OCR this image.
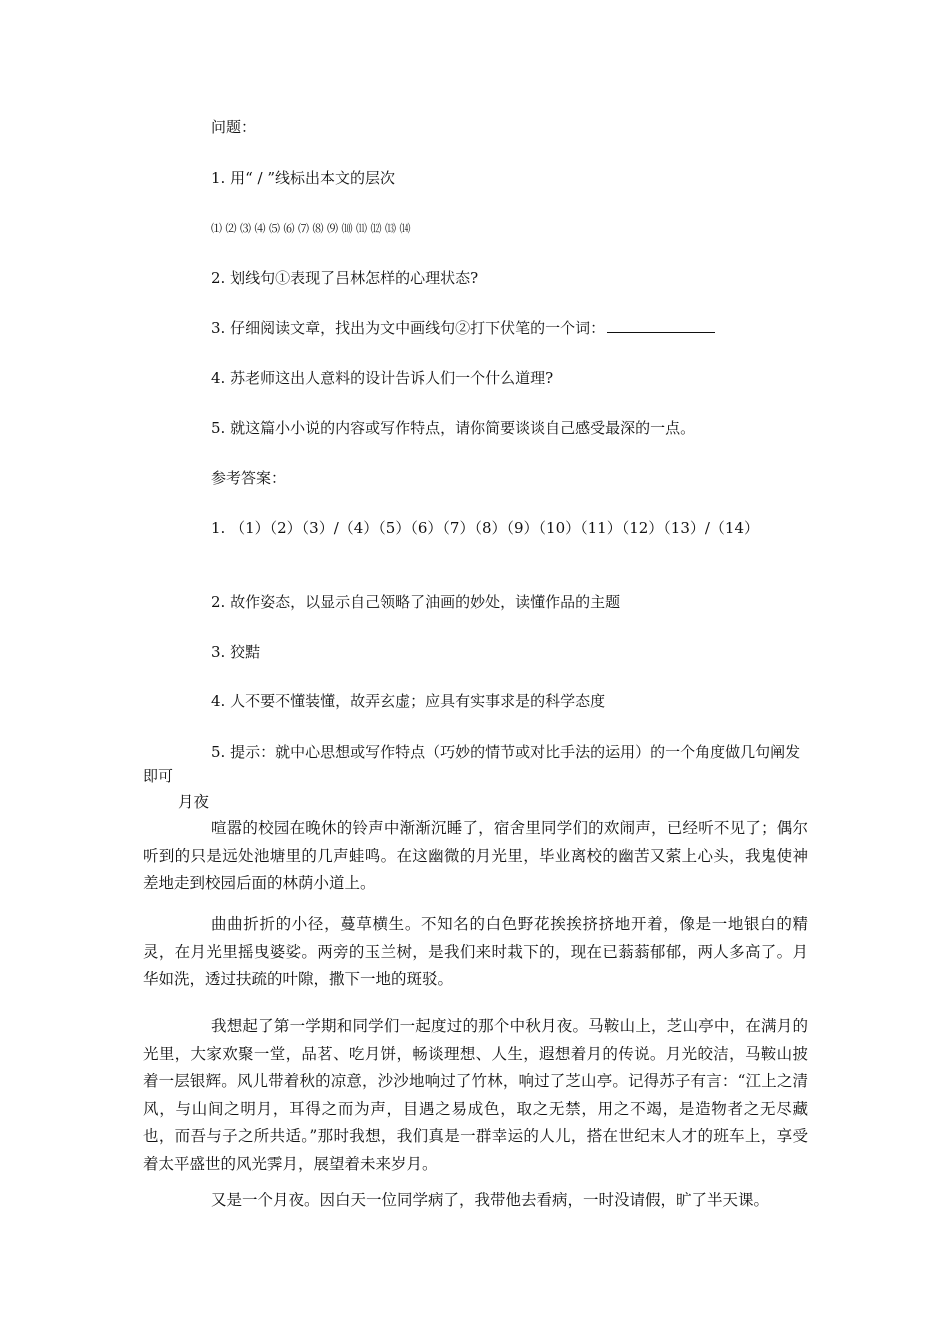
问题：
1. 用“ / ”线标出本文的层次
⑴ ⑵ ⑶ ⑷ ⑸ ⑹ ⑺ ⑻ ⑼ ⑽ ⑾ ⑿ ⒀ ⒁
2. 划线句①表现了吕林怎样的心理状态?
3. 仔细阅读文章，找出为文中画线句②打下伏笔的一个词：
4. 苏老师这出人意料的设计告诉人们一个什么道理?
5. 就这篇小小说的内容或写作特点，请你简要谈谈自己感受最深的一点。
参考答案：

1. （1）（2）（3）/（4）（5）（6）（7）（8）（9）（10）（11）（12）（13）/（14）

2. 故作姿态，以显示自己领略了油画的妙处，读懂作品的主题
3. 狡黠
4. 人不要不懂装懂，故弄玄虚；应具有实事求是的科学态度

5. 提示：就中心思想或写作特点（巧妙的情节或对比手法的运用）的一个角度做几句阐发即可

月夜

喧嚣的校园在晚休的铃声中渐渐沉睡了，宿舍里同学们的欢闹声，已经听不见了；偶尔听到的只是远处池塘里的几声蛙鸣。在这幽微的月光里，毕业离校的幽苦又萦上心头，我鬼使神差地走到校园后面的林荫小道上。

曲曲折折的小径，蔓草横生。不知名的白色野花挨挨挤挤地开着，像是一地银白的精灵，在月光里摇曳婆娑。两旁的玉兰树，是我们来时栽下的，现在已蓊蓊郁郁，两人多高了。月华如洗，透过扶疏的叶隙，撒下一地的斑驳。

我想起了第一学期和同学们一起度过的那个中秋月夜。马鞍山上，芝山亭中，在满月的光里，大家欢聚一堂，品茗、吃月饼，畅谈理想、人生，遐想着月的传说。月光皎洁，马鞍山披着一层银辉。风儿带着秋的凉意，沙沙地响过了竹林，响过了芝山亭。记得苏子有言：“江上之清风，与山间之明月，耳得之而为声，目遇之易成色，取之无禁，用之不竭，是造物者之无尽藏也，而吾与子之所共适。”那时我想，我们真是一群幸运的人儿，搭在世纪末人才的班车上，享受着太平盛世的风光霁月，展望着未来岁月。

又是一个月夜。因白天一位同学病了，我带他去看病，一时没请假，旷了半天课。
